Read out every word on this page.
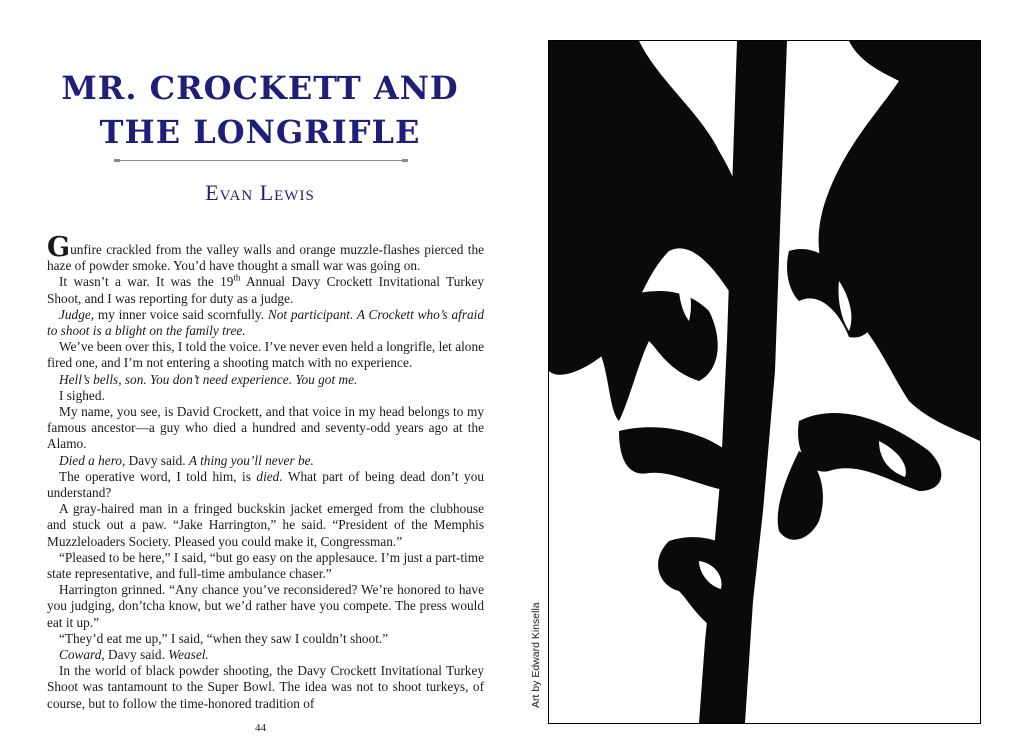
MR. CROCKETT AND
THE LONGRIFLE
Evan Lewis

Gunfire crackled from the valley walls and orange muzzle-flashes pierced the haze of powder smoke. You’d have thought a small war was going on.

It wasn’t a war. It was the 19th Annual Davy Crockett Invitational Turkey Shoot, and I was reporting for duty as a judge.

Judge, my inner voice said scornfully. Not participant. A Crockett who’s afraid to shoot is a blight on the family tree.

We’ve been over this, I told the voice. I’ve never even held a longrifle, let alone fired one, and I’m not entering a shooting match with no experience.

Hell’s bells, son. You don’t need experience. You got me.

I sighed.

My name, you see, is David Crockett, and that voice in my head belongs to my famous ancestor—a guy who died a hundred and seventy-odd years ago at the Alamo.

Died a hero, Davy said. A thing you’ll never be.

The operative word, I told him, is died. What part of being dead don’t you understand?

A gray-haired man in a fringed buckskin jacket emerged from the clubhouse and stuck out a paw. “Jake Harrington,” he said. “President of the Memphis Muzzleloaders Society. Pleased you could make it, Congressman.”

“Pleased to be here,” I said, “but go easy on the applesauce. I’m just a part-time state representative, and full-time ambulance chaser.”

Harrington grinned. “Any chance you’ve reconsidered? We’re honored to have you judging, don’tcha know, but we’d rather have you compete. The press would eat it up.”

“They’d eat me up,” I said, “when they saw I couldn’t shoot.”

Coward, Davy said. Weasel.

In the world of black powder shooting, the Davy Crockett Invitational Turkey Shoot was tantamount to the Super Bowl. The idea was not to shoot turkeys, of course, but to follow the time-honored tradition of

44
Art by Edward Kinsella
